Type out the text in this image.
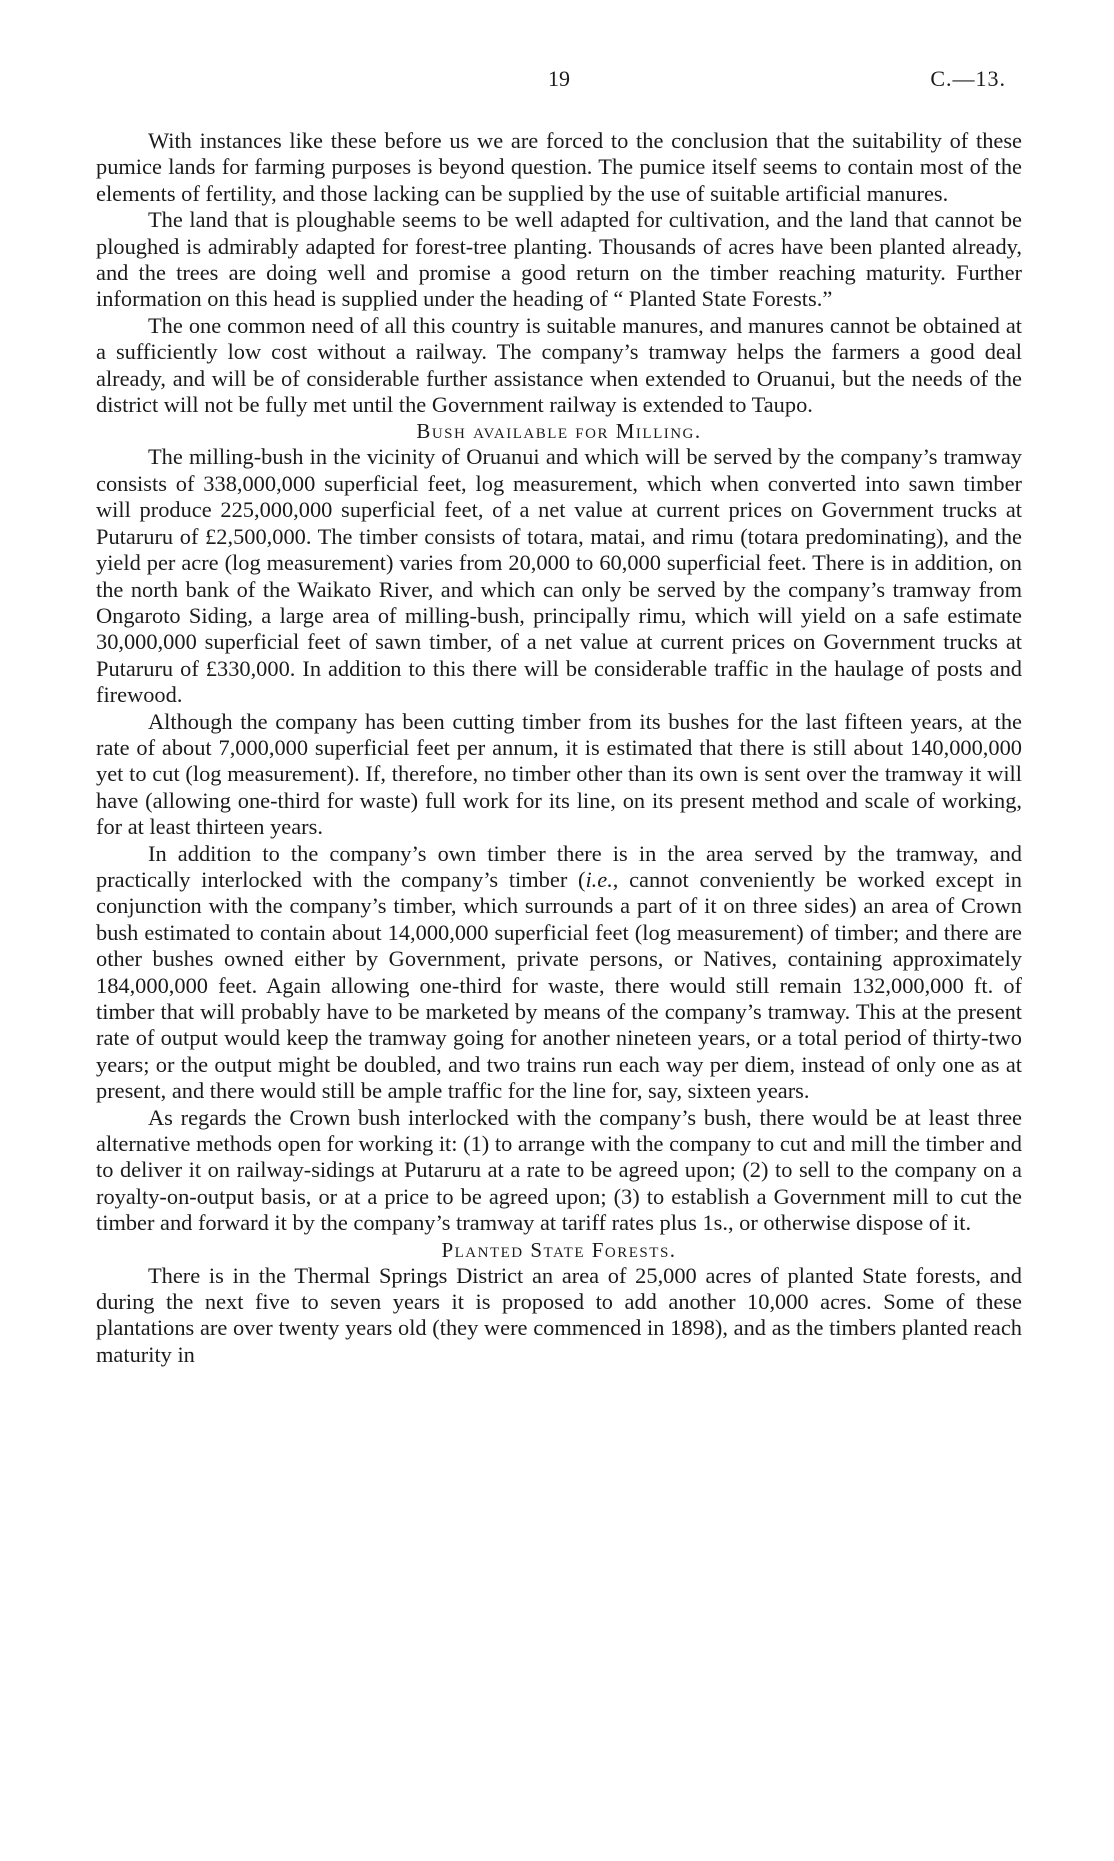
19	C.—13.

With instances like these before us we are forced to the conclusion that the suitability of these pumice lands for farming purposes is beyond question. The pumice itself seems to contain most of the elements of fertility, and those lacking can be supplied by the use of suitable artificial manures.

The land that is ploughable seems to be well adapted for cultivation, and the land that cannot be ploughed is admirably adapted for forest-tree planting. Thousands of acres have been planted already, and the trees are doing well and promise a good return on the timber reaching maturity. Further information on this head is supplied under the heading of “ Planted State Forests.”

The one common need of all this country is suitable manures, and manures cannot be obtained at a sufficiently low cost without a railway. The company’s tramway helps the farmers a good deal already, and will be of considerable further assistance when extended to Oruanui, but the needs of the district will not be fully met until the Government railway is extended to Taupo.

Bush available for Milling.

The milling-bush in the vicinity of Oruanui and which will be served by the company’s tramway consists of 338,000,000 superficial feet, log measurement, which when converted into sawn timber will produce 225,000,000 superficial feet, of a net value at current prices on Government trucks at Putaruru of £2,500,000. The timber consists of totara, matai, and rimu (totara predominating), and the yield per acre (log measurement) varies from 20,000 to 60,000 superficial feet. There is in addition, on the north bank of the Waikato River, and which can only be served by the company’s tramway from Ongaroto Siding, a large area of milling-bush, principally rimu, which will yield on a safe estimate 30,000,000 superficial feet of sawn timber, of a net value at current prices on Government trucks at Putaruru of £330,000. In addition to this there will be considerable traffic in the haulage of posts and firewood.

Although the company has been cutting timber from its bushes for the last fifteen years, at the rate of about 7,000,000 superficial feet per annum, it is estimated that there is still about 140,000,000 yet to cut (log measurement). If, therefore, no timber other than its own is sent over the tramway it will have (allowing one-third for waste) full work for its line, on its present method and scale of working, for at least thirteen years.

In addition to the company’s own timber there is in the area served by the tramway, and practically interlocked with the company’s timber (i.e., cannot conveniently be worked except in conjunction with the company’s timber, which surrounds a part of it on three sides) an area of Crown bush estimated to contain about 14,000,000 superficial feet (log measurement) of timber; and there are other bushes owned either by Government, private persons, or Natives, containing approximately 184,000,000 feet. Again allowing one-third for waste, there would still remain 132,000,000 ft. of timber that will probably have to be marketed by means of the company’s tramway. This at the present rate of output would keep the tramway going for another nineteen years, or a total period of thirty-two years; or the output might be doubled, and two trains run each way per diem, instead of only one as at present, and there would still be ample traffic for the line for, say, sixteen years.

As regards the Crown bush interlocked with the company’s bush, there would be at least three alternative methods open for working it: (1) to arrange with the company to cut and mill the timber and to deliver it on railway-sidings at Putaruru at a rate to be agreed upon; (2) to sell to the company on a royalty-on-output basis, or at a price to be agreed upon; (3) to establish a Government mill to cut the timber and forward it by the company’s tramway at tariff rates plus 1s., or otherwise dispose of it.

Planted State Forests.

There is in the Thermal Springs District an area of 25,000 acres of planted State forests, and during the next five to seven years it is proposed to add another 10,000 acres. Some of these plantations are over twenty years old (they were commenced in 1898), and as the timbers planted reach maturity in
